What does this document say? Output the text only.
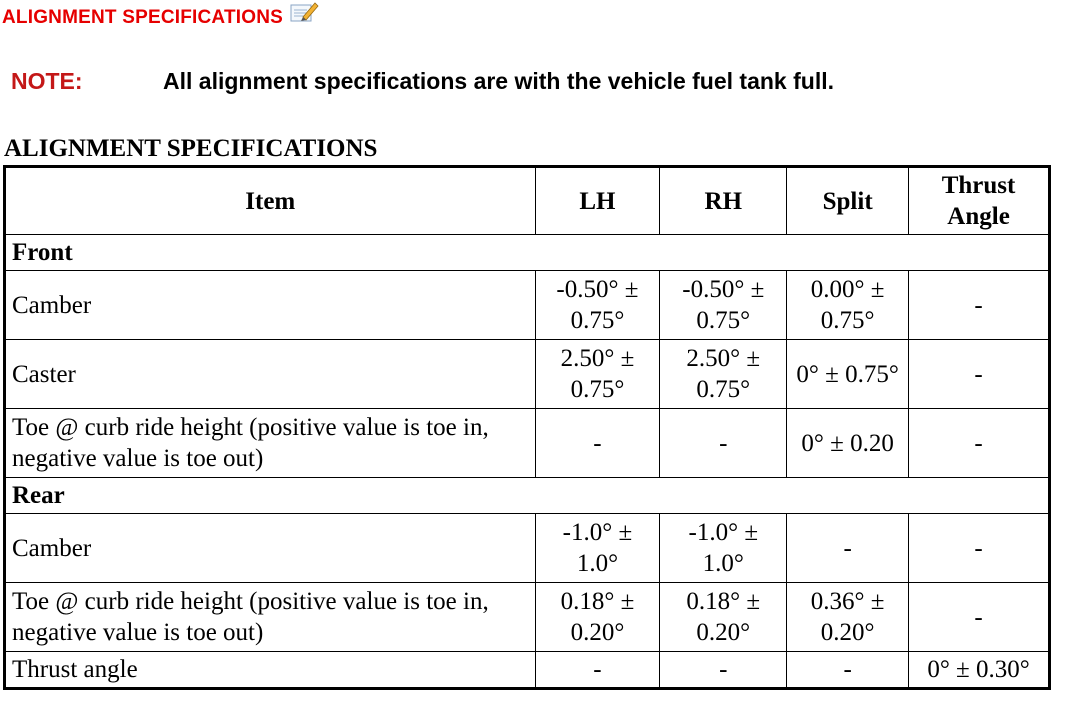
ALIGNMENT SPECIFICATIONS
NOTE:	All alignment specifications are with the vehicle fuel tank full.
ALIGNMENT SPECIFICATIONS
Item	LH	RH	Split	Thrust Angle
Front				
Camber	-0.50° ± 0.75°	-0.50° ± 0.75°	0.00° ± 0.75°	-
Caster	2.50° ± 0.75°	2.50° ± 0.75°	0° ± 0.75°	-
Toe @ curb ride height (positive value is toe in, negative value is toe out)	-	-	0° ± 0.20	-
Rear				
Camber	-1.0° ± 1.0°	-1.0° ± 1.0°	-	-
Toe @ curb ride height (positive value is toe in, negative value is toe out)	0.18° ± 0.20°	0.18° ± 0.20°	0.36° ± 0.20°	-
Thrust angle	-	-	-	0° ± 0.30°
